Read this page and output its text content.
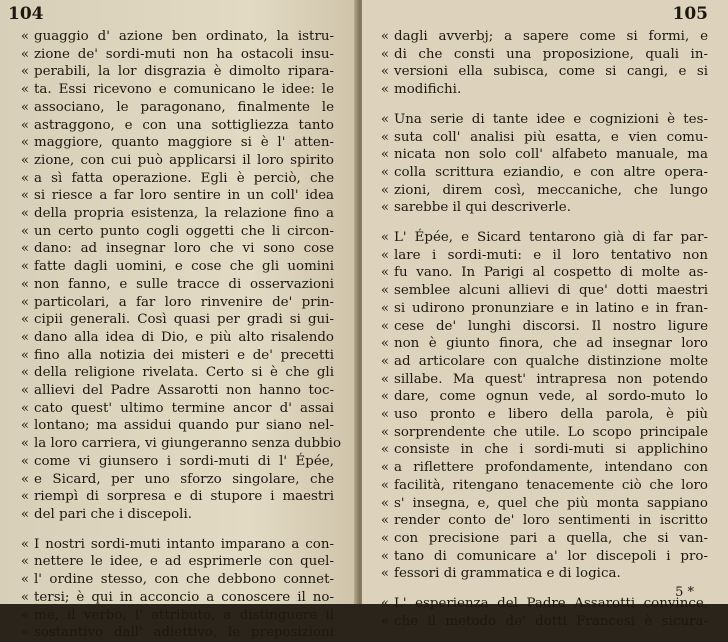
104
« guaggio d' azione ben ordinato, la istru-
« zione de' sordi-muti non ha ostacoli insu-
« perabili, la lor disgrazia è dimolto ripara-
« ta. Essi ricevono e comunicano le idee: le
« associano, le paragonano, finalmente le
« astraggono, e con una sottigliezza tanto
« maggiore, quanto maggiore si è l' atten-
« zione, con cui può applicarsi il loro spirito
« a sì fatta operazione. Egli è perciò, che
« si riesce a far loro sentire in un coll' idea
« della propria esistenza, la relazione fino a
« un certo punto cogli oggetti che li circon-
« dano: ad insegnar loro che vi sono cose
« fatte dagli uomini, e cose che gli uomini
« non fanno, e sulle tracce di osservazioni
« particolari, a far loro rinvenire de' prin-
« cipii generali. Così quasi per gradi si gui-
« dano alla idea di Dio, e più alto risalendo
« fino alla notizia dei misteri e de' precetti
« della religione rivelata. Certo si è che gli
« allievi del Padre Assarotti non hanno toc-
« cato quest' ultimo termine ancor d' assai
« lontano; ma assidui quando pur siano nel-
« la loro carriera, vi giungeranno senza dubbio
« come vi giunsero i sordi-muti di l' Épée,
« e Sicard, per uno sforzo singolare, che
« riempì di sorpresa e di stupore i maestri
« del pari che i discepoli.
« I nostri sordi-muti intanto imparano a con-
« nettere le idee, e ad esprimerle con quel-
« l' ordine stesso, con che debbono connet-
« tersi; è qui in acconcio a conoscere il no-
« me, il verbo, l' attributo, a distinguere il
« sostantivo dall' adiettivo, le preposizioni
105
« dagli avverbj; a sapere come si formi, e
« di che consti una proposizione, quali in-
« versioni ella subisca, come si cangi, e si
« modifichi.
« Una serie di tante idee e cognizioni è tes-
« suta coll' analisi più esatta, e vien comu-
« nicata non solo coll' alfabeto manuale, ma
« colla scrittura eziandio, e con altre opera-
« zioni, direm così, meccaniche, che lungo
« sarebbe il qui descriverle.
« L' Épée, e Sicard tentarono già di far par-
« lare i sordi-muti: e il loro tentativo non
« fu vano. In Parigi al cospetto di molte as-
« semblee alcuni allievi di que' dotti maestri
« si udirono pronunziare e in latino e in fran-
« cese de' lunghi discorsi. Il nostro ligure
« non è giunto finora, che ad insegnar loro
« ad articolare con qualche distinzione molte
« sillabe. Ma quest' intrapresa non potendo
« dare, come ognun vede, al sordo-muto lo
« uso pronto e libero della parola, è più
« sorprendente che utile. Lo scopo principale
« consiste in che i sordi-muti si applichino
« a riflettere profondamente, intendano con
« facilità, ritengano tenacemente ciò che loro
« s' insegna, e, quel che più monta sappiano
« render conto de' loro sentimenti in iscritto
« con precisione pari a quella, che si van-
« tano di comunicare a' lor discepoli i pro-
« fessori di grammatica e di logica.
« L' esperienza del Padre Assarotti convince,
« che il metodo de' dotti Francesi è sicura-
5 *
